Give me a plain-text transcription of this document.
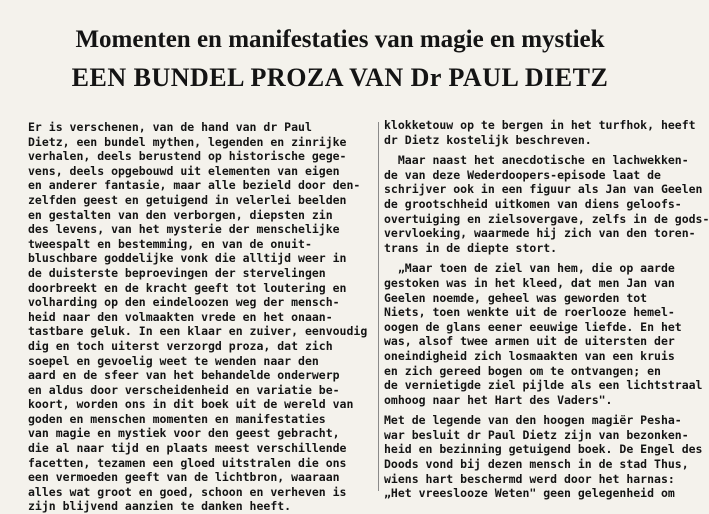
Momenten en manifestaties van magie en mystiek
EEN BUNDEL PROZA VAN Dr PAUL DIETZ
Er is verschenen, van de hand van dr Paul
Dietz, een bundel mythen, legenden en zinrijke
verhalen, deels berustend op historische gege-
vens, deels opgebouwd uit elementen van eigen
en anderer fantasie, maar alle bezield door den-
zelfden geest en getuigend in velerlei beelden
en gestalten van den verborgen, diepsten zin
des levens, van het mysterie der menschelijke
tweespalt en bestemming, en van de onuit-
bluschbare goddelijke vonk die alltijd weer in
de duisterste beproevingen der stervelingen
doorbreekt en de kracht geeft tot loutering en
volharding op den eindeloozen weg der mensch-
heid naar den volmaakten vrede en het onaan-
tastbare geluk. In een klaar en zuiver, eenvoudig
dig en toch uiterst verzorgd proza, dat zich
soepel en gevoelig weet te wenden naar den
aard en de sfeer van het behandelde onderwerp
en aldus door verscheidenheid en variatie be-
koort, worden ons in dit boek uit de wereld van
goden en menschen momenten en manifestaties
van magie en mystiek voor den geest gebracht,
die al naar tijd en plaats meest verschillende
facetten, tezamen een gloed uitstralen die ons
een vermoeden geeft van de lichtbron, waaraan
alles wat groot en goed, schoon en verheven is
zijn blijvend aanzien te danken heeft.
klokketouw op te bergen in het turfhok, heeft
dr Dietz kostelijk beschreven.
Maar naast het anecdotische en lachwekken-
de van deze Wederdoopers-episode laat de
schrijver ook in een figuur als Jan van Geelen
de grootschheid uitkomen van diens geloofs-
overtuiging en zielsovergave, zelfs in de gods-
vervloeking, waarmede hij zich van den toren-
trans in de diepte stort.
„Maar toen de ziel van hem, die op aarde
gestoken was in het kleed, dat men Jan van
Geelen noemde, geheel was geworden tot
Niets, toen wenkte uit de roerlooze hemel-
oogen de glans eener eeuwige liefde. En het
was, alsof twee armen uit de uitersten der
oneindigheid zich losmaakten van een kruis
en zich gereed bogen om te ontvangen; en
de vernietigde ziel pijlde als een lichtstraal
omhoog naar het Hart des Vaders".
Met de legende van den hoogen magiër Pesha-
war besluit dr Paul Dietz zijn van bezonken-
heid en bezinning getuigend boek. De Engel des
Doods vond bij dezen mensch in de stad Thus,
wiens hart beschermd werd door het harnas:
„Het vreeslooze Weten" geen gelegenheid om
